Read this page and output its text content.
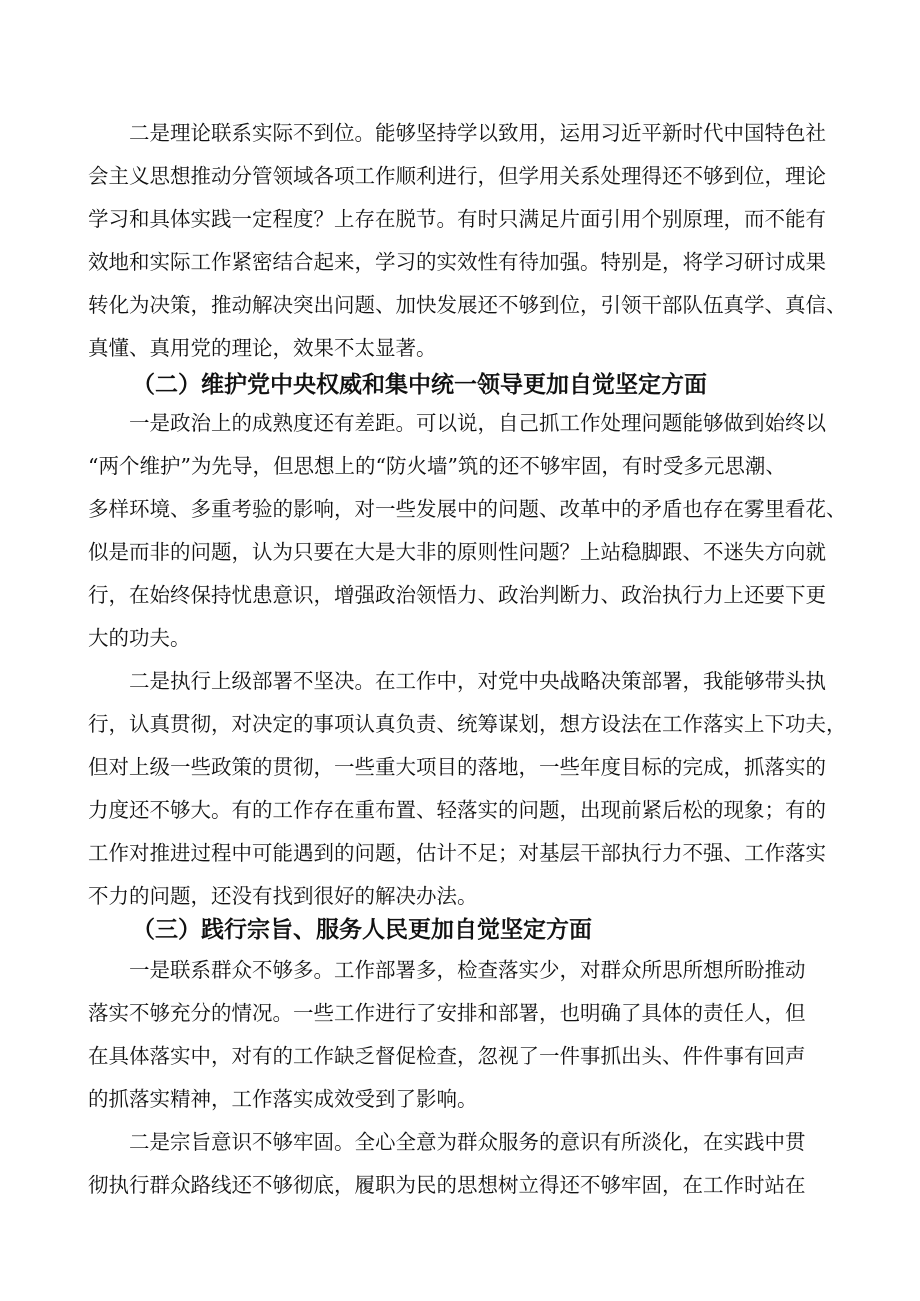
　　二是理论联系实际不到位。能够坚持学以致用，运用习近平新时代中国特色社
会主义思想推动分管领域各项工作顺利进行，但学用关系处理得还不够到位，理论
学习和具体实践一定程度？上存在脱节。有时只满足片面引用个别原理，而不能有
效地和实际工作紧密结合起来，学习的实效性有待加强。特别是，将学习研讨成果
转化为决策，推动解决突出问题、加快发展还不够到位，引领干部队伍真学、真信、
真懂、真用党的理论，效果不太显著。
（二）维护党中央权威和集中统一领导更加自觉坚定方面
　　一是政治上的成熟度还有差距。可以说，自己抓工作处理问题能够做到始终以
“两个维护”为先导，但思想上的“防火墙”筑的还不够牢固，有时受多元思潮、
多样环境、多重考验的影响，对一些发展中的问题、改革中的矛盾也存在雾里看花、
似是而非的问题，认为只要在大是大非的原则性问题？上站稳脚跟、不迷失方向就
行，在始终保持忧患意识，增强政治领悟力、政治判断力、政治执行力上还要下更
大的功夫。
　　二是执行上级部署不坚决。在工作中，对党中央战略决策部署，我能够带头执
行，认真贯彻，对决定的事项认真负责、统筹谋划，想方设法在工作落实上下功夫，
但对上级一些政策的贯彻，一些重大项目的落地，一些年度目标的完成，抓落实的
力度还不够大。有的工作存在重布置、轻落实的问题，出现前紧后松的现象；有的
工作对推进过程中可能遇到的问题，估计不足；对基层干部执行力不强、工作落实
不力的问题，还没有找到很好的解决办法。
（三）践行宗旨、服务人民更加自觉坚定方面
　　一是联系群众不够多。工作部署多，检查落实少，对群众所思所想所盼推动
落实不够充分的情况。一些工作进行了安排和部署，也明确了具体的责任人，但
在具体落实中，对有的工作缺乏督促检查，忽视了一件事抓出头、件件事有回声
的抓落实精神，工作落实成效受到了影响。
　　二是宗旨意识不够牢固。全心全意为群众服务的意识有所淡化，在实践中贯
彻执行群众路线还不够彻底，履职为民的思想树立得还不够牢固，在工作时站在
